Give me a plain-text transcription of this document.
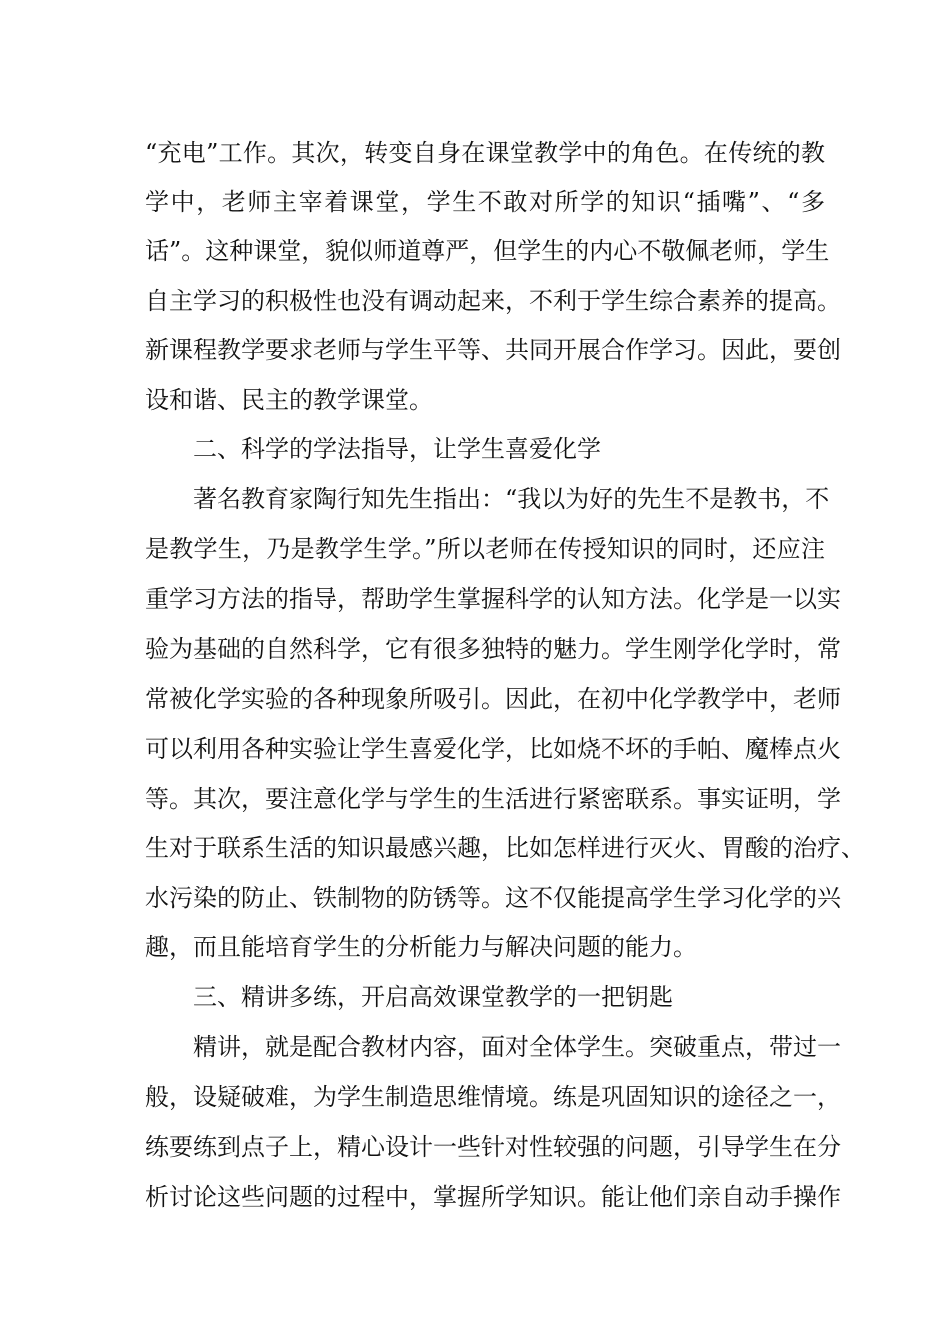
“充电”工作。其次，转变自身在课堂教学中的角色。在传统的教
学中，老师主宰着课堂，学生不敢对所学的知识“插嘴”、“多
话”。这种课堂，貌似师道尊严，但学生的内心不敬佩老师，学生
自主学习的积极性也没有调动起来，不利于学生综合素养的提高。
新课程教学要求老师与学生平等、共同开展合作学习。因此，要创
设和谐、民主的教学课堂。
二、科学的学法指导，让学生喜爱化学
著名教育家陶行知先生指出：“我以为好的先生不是教书，不
是教学生，乃是教学生学。”所以老师在传授知识的同时，还应注
重学习方法的指导，帮助学生掌握科学的认知方法。化学是一以实
验为基础的自然科学，它有很多独特的魅力。学生刚学化学时，常
常被化学实验的各种现象所吸引。因此，在初中化学教学中，老师
可以利用各种实验让学生喜爱化学，比如烧不坏的手帕、魔棒点火
等。其次，要注意化学与学生的生活进行紧密联系。事实证明，学
生对于联系生活的知识最感兴趣，比如怎样进行灭火、胃酸的治疗、
水污染的防止、铁制物的防锈等。这不仅能提高学生学习化学的兴
趣，而且能培育学生的分析能力与解决问题的能力。
三、精讲多练，开启高效课堂教学的一把钥匙
精讲，就是配合教材内容，面对全体学生。突破重点，带过一
般，设疑破难，为学生制造思维情境。练是巩固知识的途径之一，
练要练到点子上，精心设计一些针对性较强的问题，引导学生在分
析讨论这些问题的过程中，掌握所学知识。能让他们亲自动手操作
